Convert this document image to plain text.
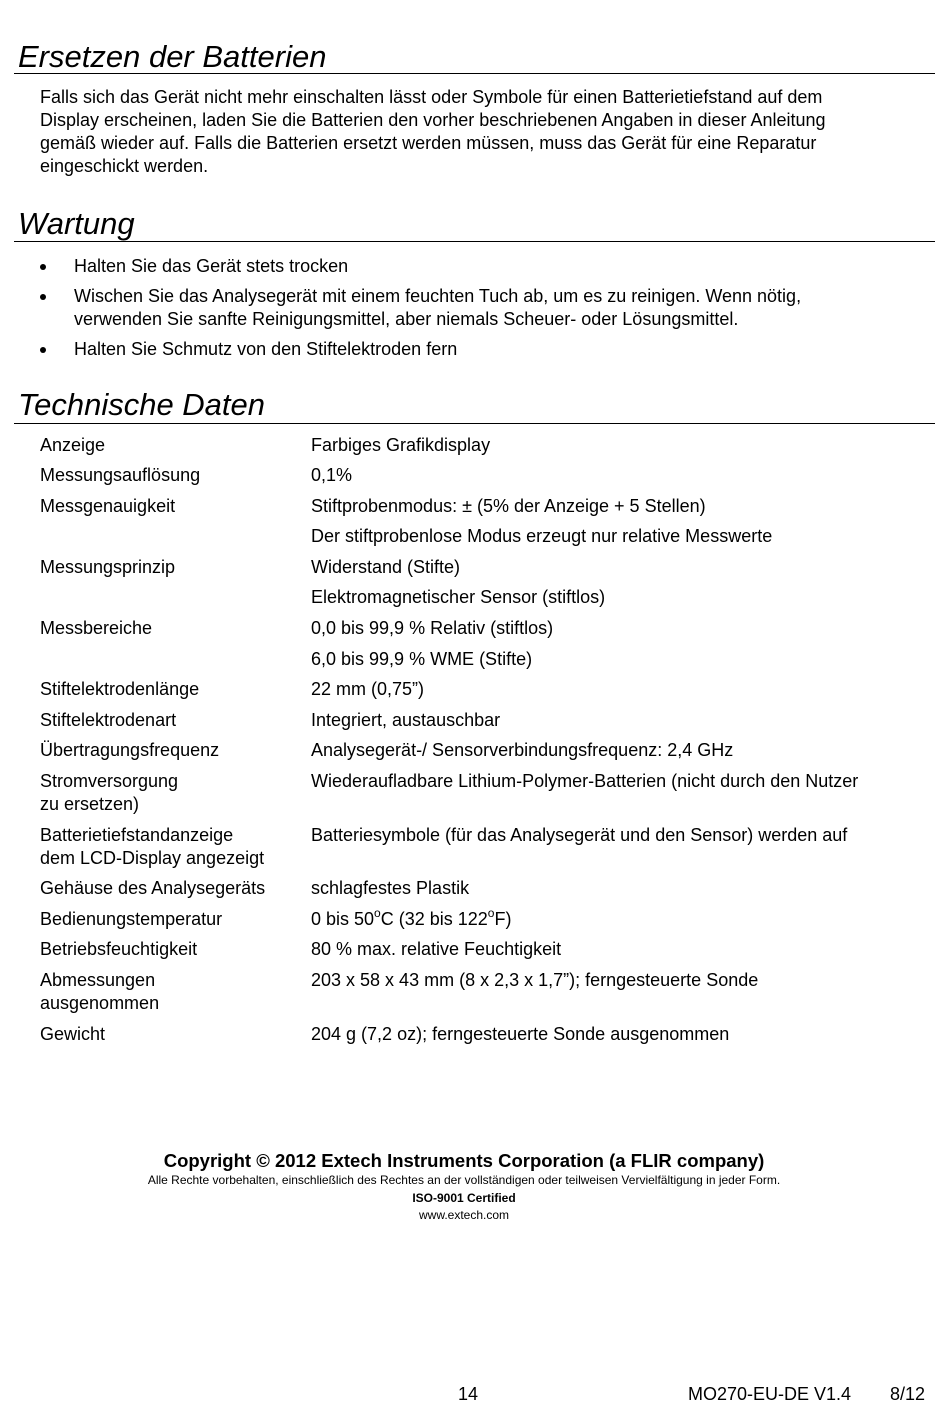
Ersetzen der Batterien
Falls sich das Gerät nicht mehr einschalten lässt oder Symbole für einen Batterietiefstand auf dem
Display erscheinen, laden Sie die Batterien den vorher beschriebenen Angaben in dieser Anleitung
gemäß wieder auf. Falls die Batterien ersetzt werden müssen, muss das Gerät für eine Reparatur
eingeschickt werden.
Wartung
Halten Sie das Gerät stets trocken
Wischen Sie das Analysegerät mit einem feuchten Tuch ab, um es zu reinigen. Wenn nötig,
verwenden Sie sanfte Reinigungsmittel, aber niemals Scheuer- oder Lösungsmittel.
Halten Sie Schmutz von den Stiftelektroden fern
Technische Daten
Anzeige	Farbiges Grafikdisplay
Messungsauflösung	0,1%
Messgenauigkeit	Stiftprobenmodus: ± (5% der Anzeige + 5 Stellen)
Der stiftprobenlose Modus erzeugt nur relative Messwerte
Messungsprinzip	Widerstand (Stifte)
Elektromagnetischer Sensor (stiftlos)
Messbereiche	0,0 bis 99,9 % Relativ (stiftlos)
6,0 bis 99,9 % WME (Stifte)
Stiftelektrodenlänge	22 mm (0,75”)
Stiftelektrodenart	Integriert, austauschbar
Übertragungsfrequenz	Analysegerät-/ Sensorverbindungsfrequenz: 2,4 GHz
Stromversorgung	Wiederaufladbare Lithium-Polymer-Batterien (nicht durch den Nutzer
zu ersetzen)
Batterietiefstandanzeige	Batteriesymbole (für das Analysegerät und den Sensor) werden auf
dem LCD-Display angezeigt
Gehäuse des Analysegeräts	schlagfestes Plastik
Bedienungstemperatur	0 bis 50$^o$C (32 bis 122$^o$F)
Betriebsfeuchtigkeit	80 % max. relative Feuchtigkeit
Abmessungen	203 x 58 x 43 mm (8 x 2,3 x 1,7”); ferngesteuerte Sonde
ausgenommen
Gewicht	204 g (7,2 oz); ferngesteuerte Sonde ausgenommen
Copyright © 2012 Extech Instruments Corporation (a FLIR company)
Alle Rechte vorbehalten, einschließlich des Rechtes an der vollständigen oder teilweisen Vervielfältigung in jeder Form.
ISO-9001 Certified
www.extech.com
14	MO270-EU-DE V1.4 8/12
